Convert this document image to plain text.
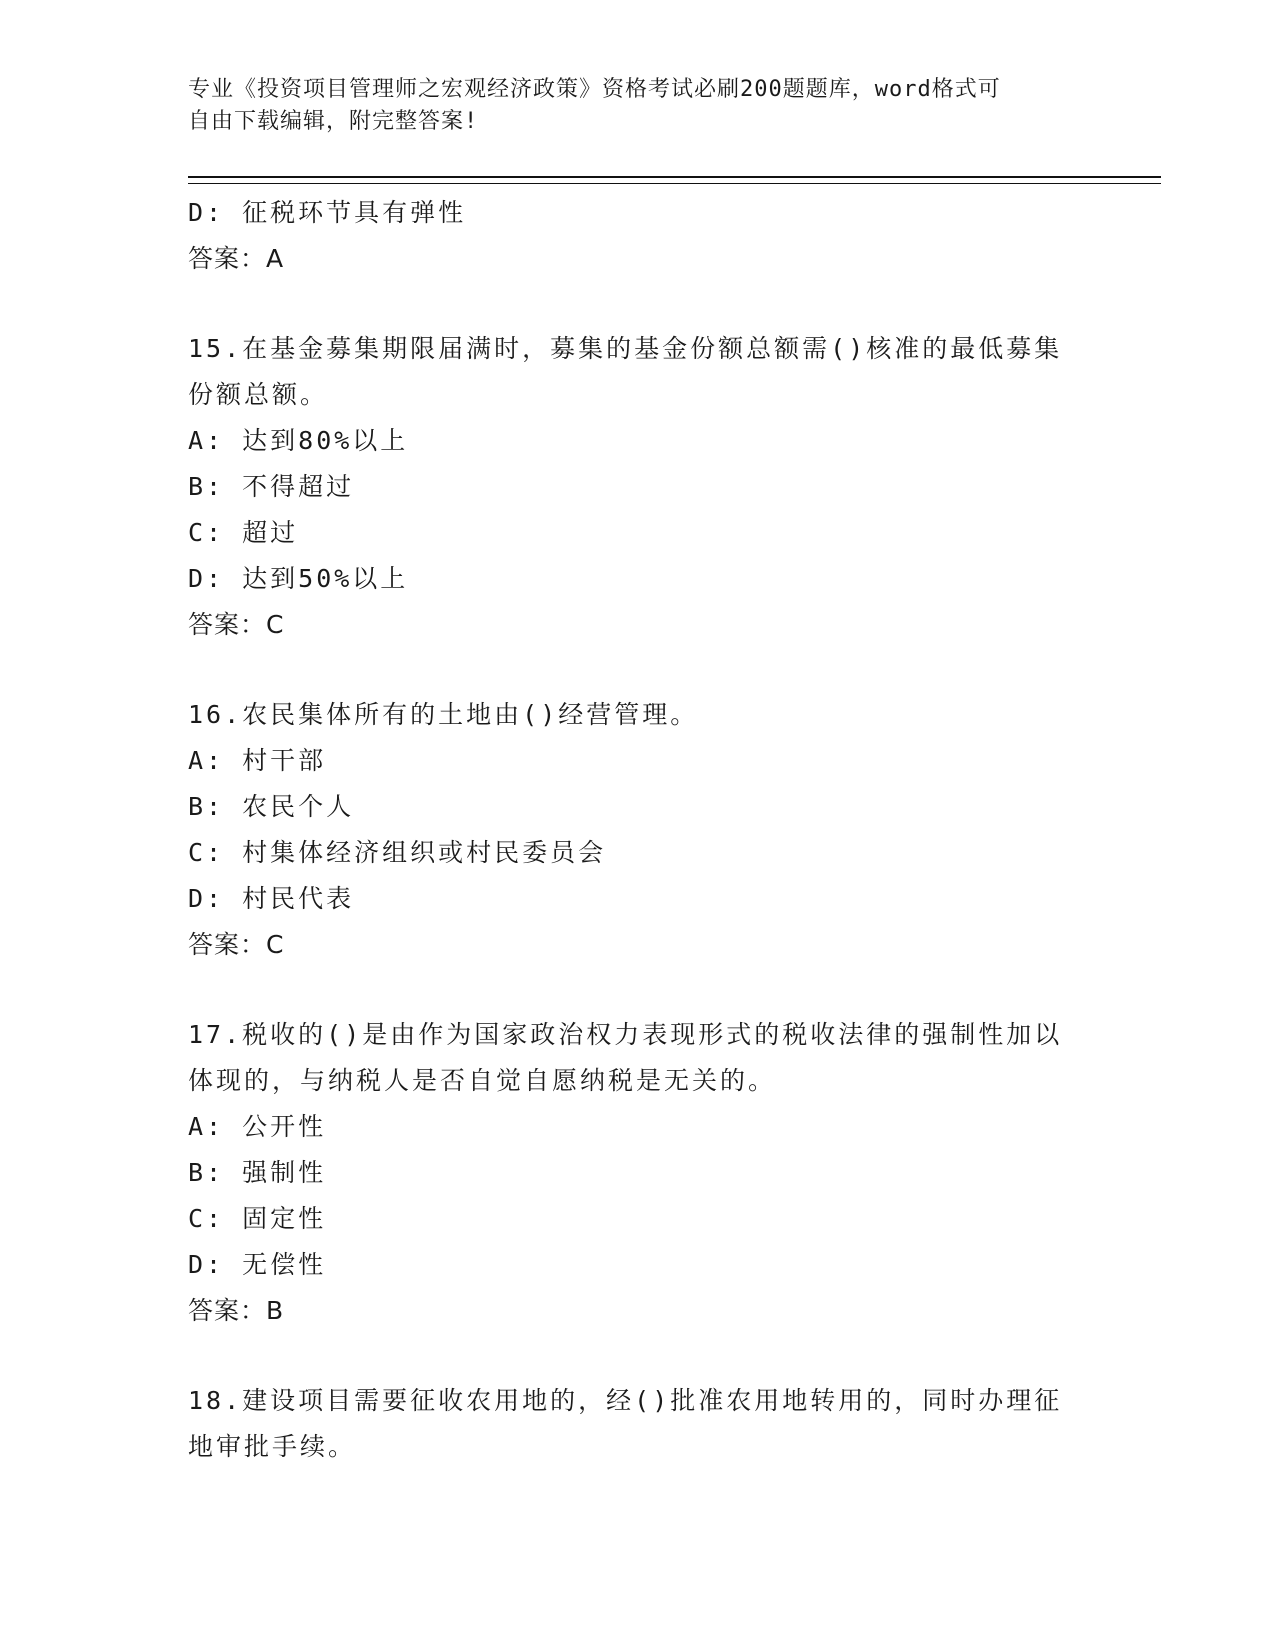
专业《投资项目管理师之宏观经济政策》资格考试必刷200题题库，word格式可
自由下载编辑，附完整答案!
D: 征税环节具有弹性
答案：A
15.在基金募集期限届满时，募集的基金份额总额需()核准的最低募集
份额总额。
A: 达到80%以上
B: 不得超过
C: 超过
D: 达到50%以上
答案：C
16.农民集体所有的土地由()经营管理。
A: 村干部
B: 农民个人
C: 村集体经济组织或村民委员会
D: 村民代表
答案：C
17.税收的()是由作为国家政治权力表现形式的税收法律的强制性加以
体现的，与纳税人是否自觉自愿纳税是无关的。
A: 公开性
B: 强制性
C: 固定性
D: 无偿性
答案：B
18.建设项目需要征收农用地的，经()批准农用地转用的，同时办理征
地审批手续。
